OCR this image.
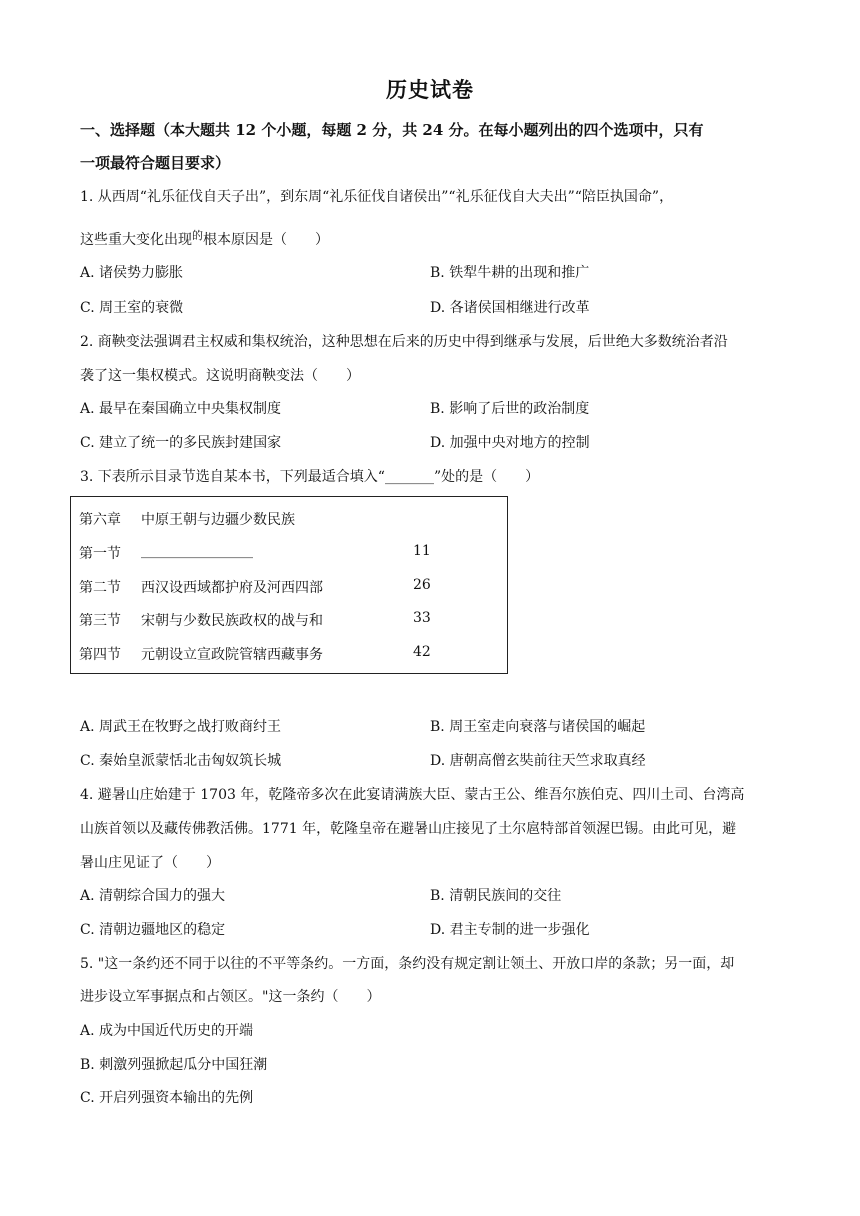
历史试卷
一、选择题（本大题共 12 个小题，每题 2 分，共 24 分。在每小题列出的四个选项中，只有
一项最符合题目要求）
1. 从西周“礼乐征伐自天子出”，到东周“礼乐征伐自诸侯出”“礼乐征伐自大夫出”“陪臣执国命”，
这些重大变化出现$^的$根本原因是（　　）
A. 诸侯势力膨胀	B. 铁犁牛耕的出现和推广
C. 周王室的衰微	D. 各诸侯国相继进行改革
2. 商鞅变法强调君主权威和集权统治，这种思想在后来的历史中得到继承与发展，后世绝大多数统治者沿
袭了这一集权模式。这说明商鞅变法（　　）
A. 最早在秦国确立中央集权制度	B. 影响了后世的政治制度
C. 建立了统一的多民族封建国家	D. 加强中央对地方的控制
3. 下表所示目录节选自某本书，下列最适合填入“_______”处的是（　　）
第六章 中原王朝与边疆少数民族
第一节 ________________	11
第二节 西汉设西域都护府及河西四部	26
第三节 宋朝与少数民族政权的战与和	33
第四节 元朝设立宣政院管辖西藏事务	42
A. 周武王在牧野之战打败商纣王	B. 周王室走向衰落与诸侯国的崛起
C. 秦始皇派蒙恬北击匈奴筑长城	D. 唐朝高僧玄奘前往天竺求取真经
4. 避暑山庄始建于 1703 年，乾隆帝多次在此宴请满族大臣、蒙古王公、维吾尔族伯克、四川土司、台湾高
山族首领以及藏传佛教活佛。1771 年，乾隆皇帝在避暑山庄接见了土尔扈特部首领渥巴锡。由此可见，避
暑山庄见证了（　　）
A. 清朝综合国力的强大	B. 清朝民族间的交往
C. 清朝边疆地区的稳定	D. 君主专制的进一步强化
5. "这一条约还不同于以往的不平等条约。一方面，条约没有规定割让领土、开放口岸的条款；另一面，却
进步设立军事据点和占领区。"这一条约（　　）
A. 成为中国近代历史的开端
B. 刺激列强掀起瓜分中国狂潮
C. 开启列强资本输出的先例
